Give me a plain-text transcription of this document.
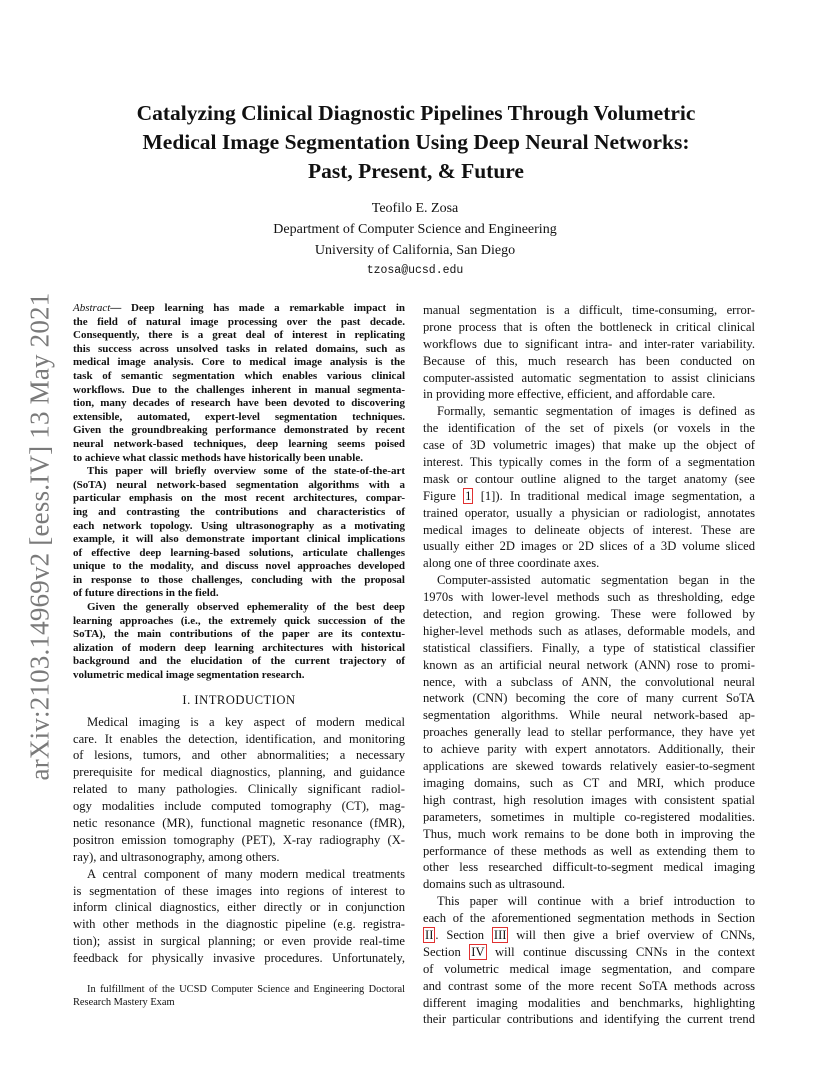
arXiv:2103.14969v2 [eess.IV] 13 May 2021
Catalyzing Clinical Diagnostic Pipelines Through Volumetric
Medical Image Segmentation Using Deep Neural Networks:
Past, Present, & Future
Teofilo E. Zosa
Department of Computer Science and Engineering
University of California, San Diego
tzosa@ucsd.edu
Abstract— Deep learning has made a remarkable impact in
the field of natural image processing over the past decade.
Consequently, there is a great deal of interest in replicating
this success across unsolved tasks in related domains, such as
medical image analysis. Core to medical image analysis is the
task of semantic segmentation which enables various clinical
workflows. Due to the challenges inherent in manual segmenta-
tion, many decades of research have been devoted to discovering
extensible, automated, expert-level segmentation techniques.
Given the groundbreaking performance demonstrated by recent
neural network-based techniques, deep learning seems poised
to achieve what classic methods have historically been unable.
This paper will briefly overview some of the state-of-the-art
(SoTA) neural network-based segmentation algorithms with a
particular emphasis on the most recent architectures, compar-
ing and contrasting the contributions and characteristics of
each network topology. Using ultrasonography as a motivating
example, it will also demonstrate important clinical implications
of effective deep learning-based solutions, articulate challenges
unique to the modality, and discuss novel approaches developed
in response to those challenges, concluding with the proposal
of future directions in the field.
Given the generally observed ephemerality of the best deep
learning approaches (i.e., the extremely quick succession of the
SoTA), the main contributions of the paper are its contextu-
alization of modern deep learning architectures with historical
background and the elucidation of the current trajectory of
volumetric medical image segmentation research.
I. INTRODUCTION
Medical imaging is a key aspect of modern medical
care. It enables the detection, identification, and monitoring
of lesions, tumors, and other abnormalities; a necessary
prerequisite for medical diagnostics, planning, and guidance
related to many pathologies. Clinically significant radiol-
ogy modalities include computed tomography (CT), mag-
netic resonance (MR), functional magnetic resonance (fMR),
positron emission tomography (PET), X-ray radiography (X-
ray), and ultrasonography, among others.
A central component of many modern medical treatments
is segmentation of these images into regions of interest to
inform clinical diagnostics, either directly or in conjunction
with other methods in the diagnostic pipeline (e.g. registra-
tion); assist in surgical planning; or even provide real-time
feedback for physically invasive procedures. Unfortunately,
In fulfillment of the UCSD Computer Science and Engineering Doctoral
Research Mastery Exam
manual segmentation is a difficult, time-consuming, error-
prone process that is often the bottleneck in critical clinical
workflows due to significant intra- and inter-rater variability.
Because of this, much research has been conducted on
computer-assisted automatic segmentation to assist clinicians
in providing more effective, efficient, and affordable care.
Formally, semantic segmentation of images is defined as
the identification of the set of pixels (or voxels in the
case of 3D volumetric images) that make up the object of
interest. This typically comes in the form of a segmentation
mask or contour outline aligned to the target anatomy (see
Figure 1 [1]). In traditional medical image segmentation, a
trained operator, usually a physician or radiologist, annotates
medical images to delineate objects of interest. These are
usually either 2D images or 2D slices of a 3D volume sliced
along one of three coordinate axes.
Computer-assisted automatic segmentation began in the
1970s with lower-level methods such as thresholding, edge
detection, and region growing. These were followed by
higher-level methods such as atlases, deformable models, and
statistical classifiers. Finally, a type of statistical classifier
known as an artificial neural network (ANN) rose to promi-
nence, with a subclass of ANN, the convolutional neural
network (CNN) becoming the core of many current SoTA
segmentation algorithms. While neural network-based ap-
proaches generally lead to stellar performance, they have yet
to achieve parity with expert annotators. Additionally, their
applications are skewed towards relatively easier-to-segment
imaging domains, such as CT and MRI, which produce
high contrast, high resolution images with consistent spatial
parameters, sometimes in multiple co-registered modalities.
Thus, much work remains to be done both in improving the
performance of these methods as well as extending them to
other less researched difficult-to-segment medical imaging
domains such as ultrasound.
This paper will continue with a brief introduction to
each of the aforementioned segmentation methods in Section
II . Section III will then give a brief overview of CNNs,
Section IV will continue discussing CNNs in the context
of volumetric medical image segmentation, and compare
and contrast some of the more recent SoTA methods across
different imaging modalities and benchmarks, highlighting
their particular contributions and identifying the current trend
